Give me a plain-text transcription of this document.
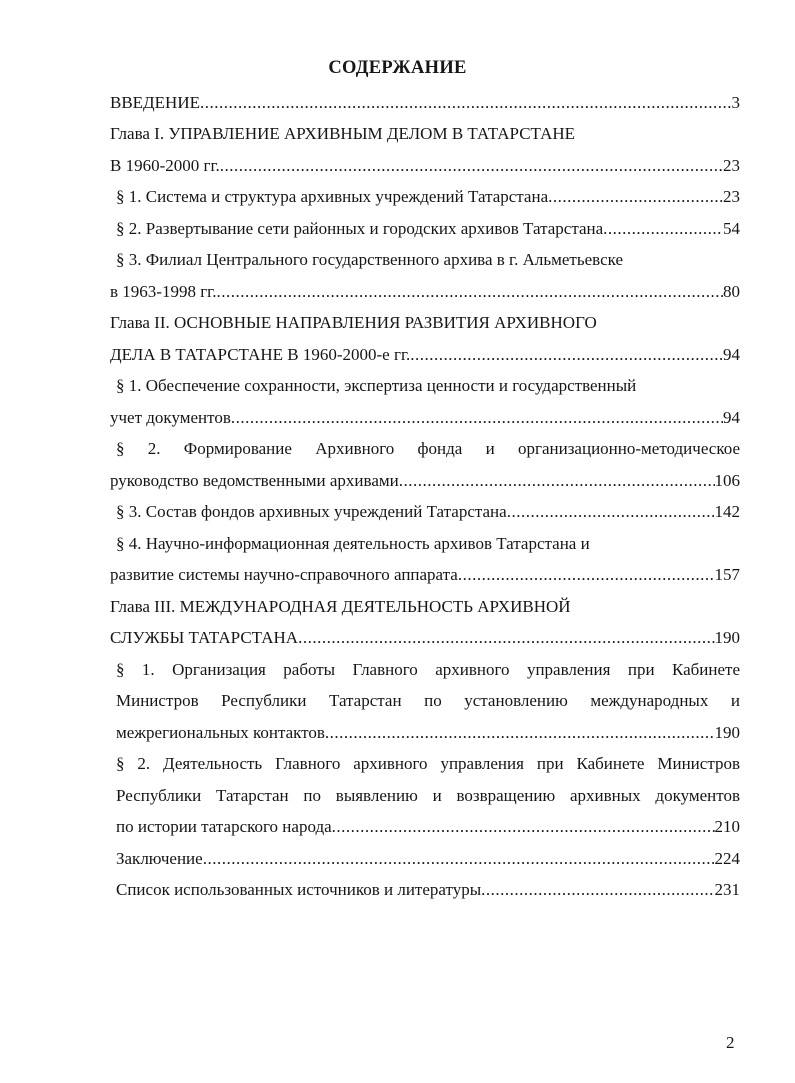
СОДЕРЖАНИЕ
ВВЕДЕНИЕ .....	3
Глава I. УПРАВЛЕНИЕ АРХИВНЫМ ДЕЛОМ В ТАТАРСТАНЕ
В 1960-2000 гг. .....	23
§ 1. Система и структура архивных учреждений Татарстана .....	23
§ 2. Развертывание сети районных и городских архивов Татарстана .....	54
§ 3. Филиал Центрального государственного архива в г. Альметьевске
в 1963-1998 гг. .....	80
Глава II. ОСНОВНЫЕ НАПРАВЛЕНИЯ РАЗВИТИЯ АРХИВНОГО
ДЕЛА В ТАТАРСТАНЕ В 1960-2000-е гг. .....	94
§ 1. Обеспечение сохранности, экспертиза ценности и государственный
учет документов .....	94
§ 2. Формирование Архивного фонда и организационно-методическое
руководство ведомственными архивами .....	106
§ 3. Состав фондов архивных учреждений Татарстана .....	142
§ 4. Научно-информационная деятельность архивов Татарстана и
развитие системы научно-справочного аппарата .....	157
Глава III. МЕЖДУНАРОДНАЯ ДЕЯТЕЛЬНОСТЬ АРХИВНОЙ
СЛУЖБЫ ТАТАРСТАНА .....	190
§ 1. Организация работы Главного архивного управления при Кабинете
Министров Республики Татарстан по установлению международных и
межрегиональных контактов .....	190
§ 2. Деятельность Главного архивного управления при Кабинете Министров
Республики Татарстан по выявлению и возвращению архивных документов
по истории татарского народа .....	210
Заключение .....	224
Список использованных источников и литературы .....	231
2
